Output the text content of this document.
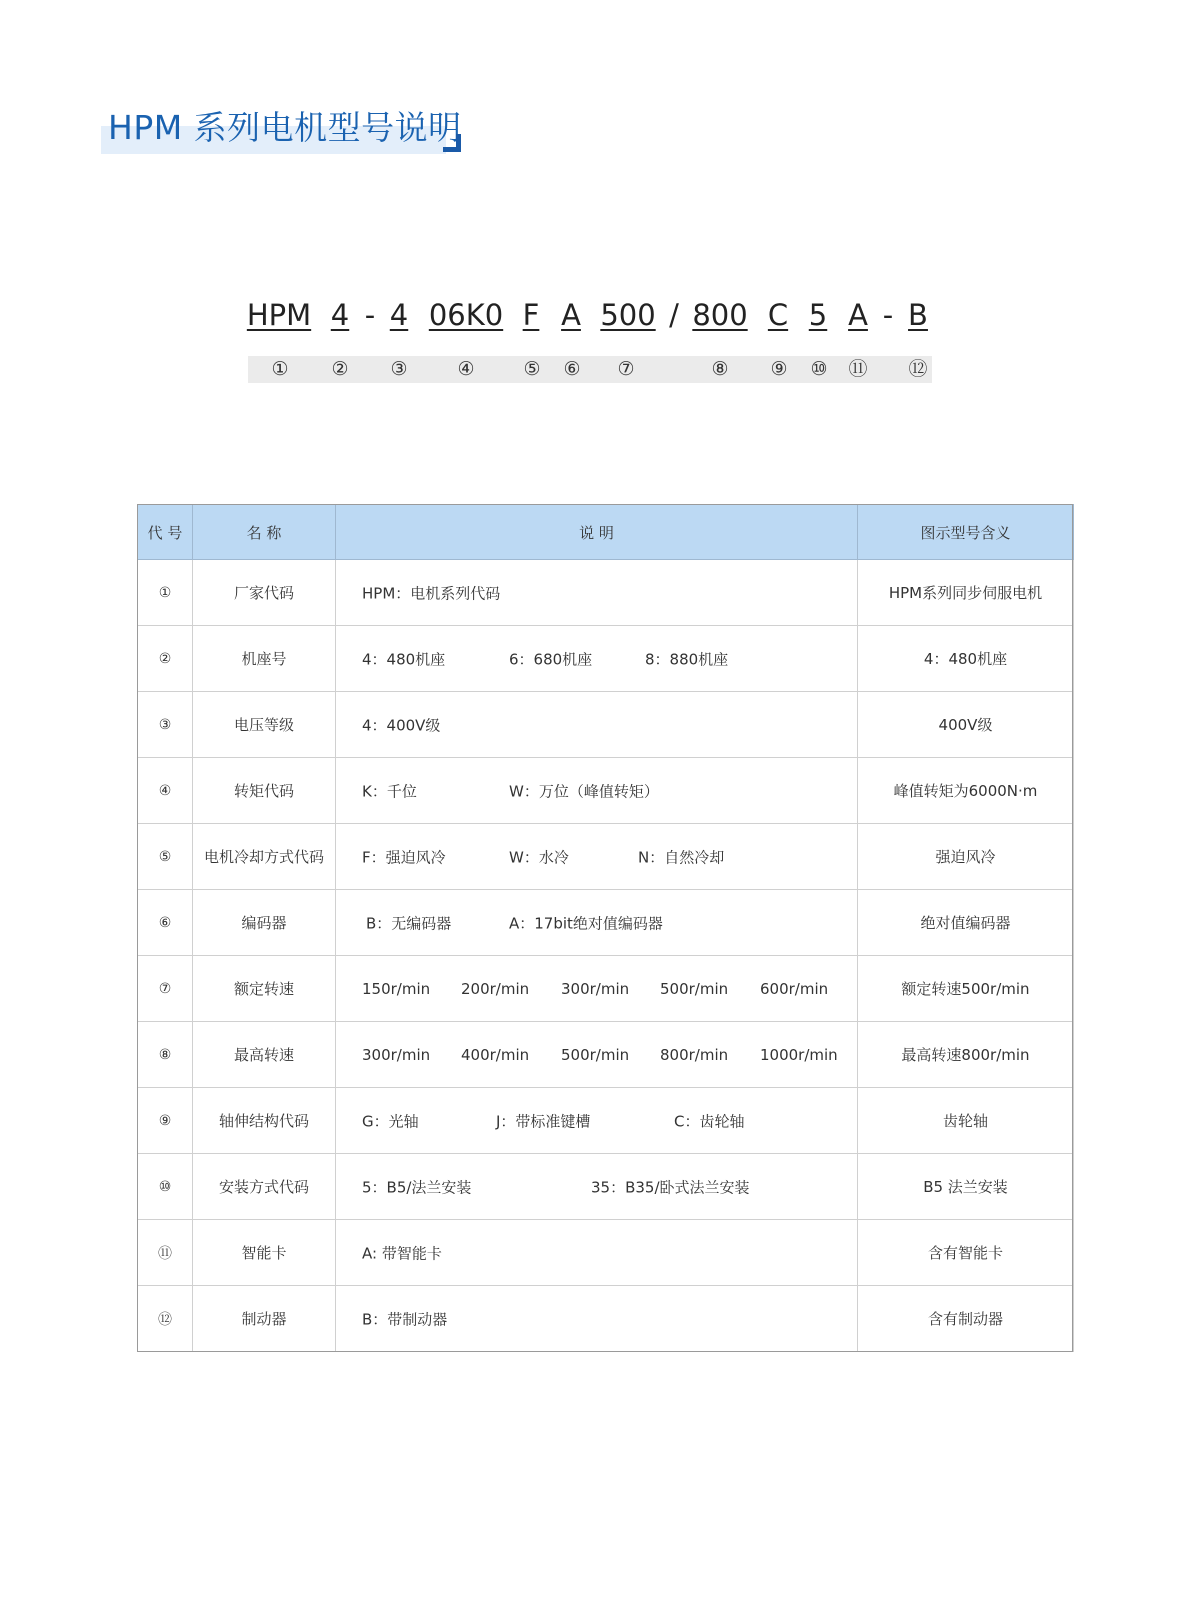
HPM 系列电机型号说明
HPM 4 - 4 06K0 F A 500 / 800 C 5 A - B
① ② ③	④	⑤ ⑥ ⑦	⑧ ⑨ ⑩ ⑪ ⑫
代 号	名 称	说 明	图示型号含义
①	厂家代码	HPM：电机系列代码	HPM系列同步伺服电机
②	机座号	4：480机座 6：680机座 8：880机座	4：480机座
③	电压等级	4：400V级	400V级
④	转矩代码	K：千位 W：万位（峰值转矩）	峰值转矩为6000N·m
⑤	电机冷却方式代码	F：强迫风冷 W：水冷 N：自然冷却	强迫风冷
⑥	编码器	B：无编码器 A：17bit绝对值编码器	绝对值编码器
⑦	额定转速	150r/min 200r/min 300r/min 500r/min 600r/min	额定转速500r/min
⑧	最高转速	300r/min 400r/min 500r/min 800r/min 1000r/min	最高转速800r/min
⑨	轴伸结构代码	G：光轴 J：带标准键槽 C：齿轮轴	齿轮轴
⑩	安装方式代码	5：B5/法兰安装 35：B35/卧式法兰安装	B5 法兰安装
⑪	智能卡	A: 带智能卡	含有智能卡
⑫	制动器	B：带制动器	含有制动器
